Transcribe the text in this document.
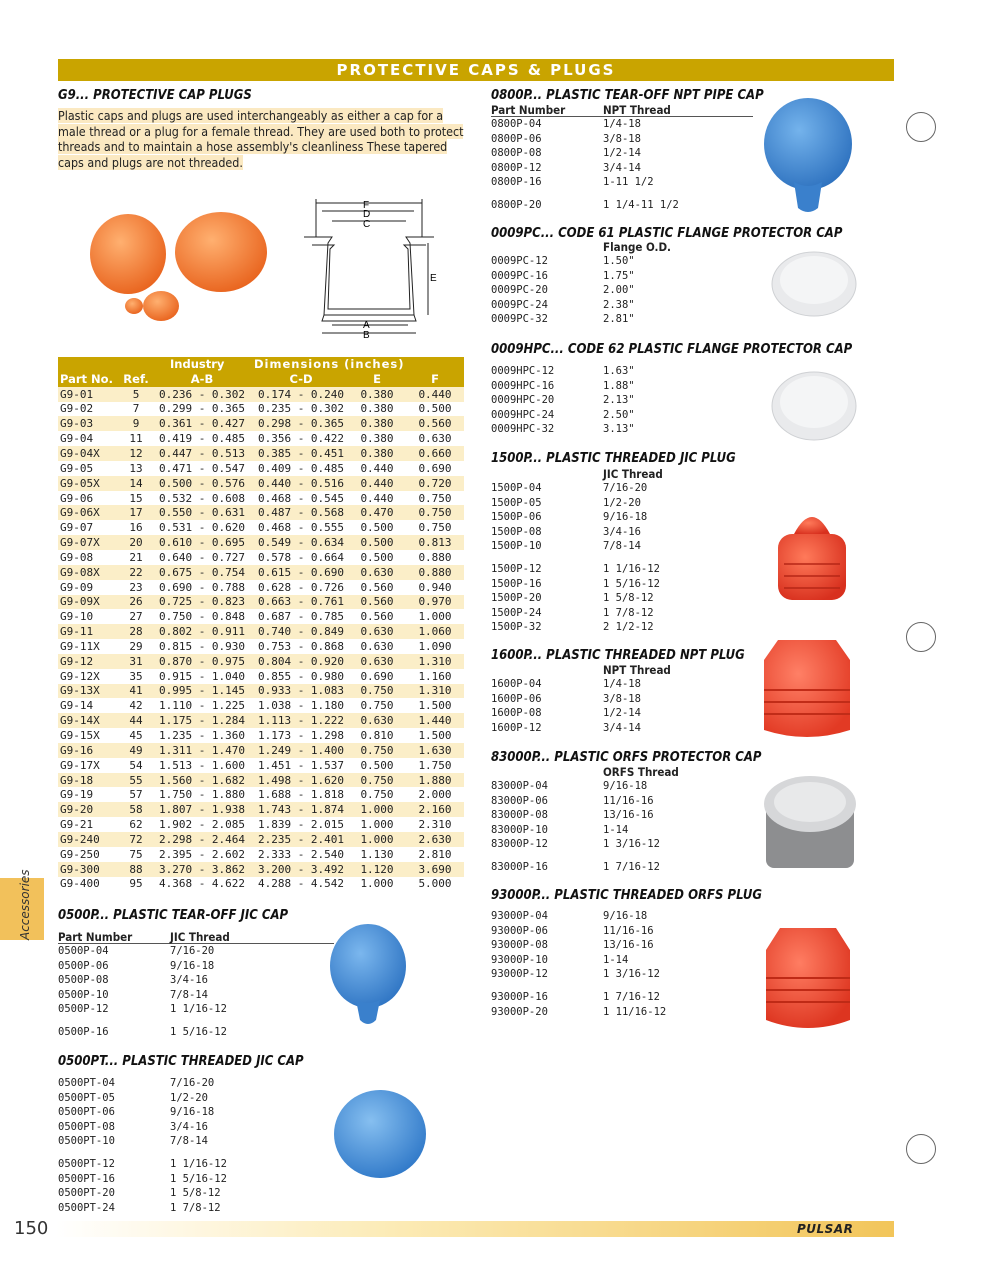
PROTECTIVE CAPS & PLUGS
G9... PROTECTIVE CAP PLUGS
Plastic caps and plugs are used interchangeably as either a cap for a male thread or a plug for a female thread. They are used both to protect threads and to maintain a hose assembly's cleanliness These tapered caps and plugs are not threaded.
F
D
C
E
A
B
	Industry		Dimensions (inches)		
Part No.	Ref.	A-B	C-D	E	F
G9-01	5	0.236 - 0.302	0.174 - 0.240	0.380	0.440
G9-02	7	0.299 - 0.365	0.235 - 0.302	0.380	0.500
G9-03	9	0.361 - 0.427	0.298 - 0.365	0.380	0.560
G9-04	11	0.419 - 0.485	0.356 - 0.422	0.380	0.630
G9-04X	12	0.447 - 0.513	0.385 - 0.451	0.380	0.660
G9-05	13	0.471 - 0.547	0.409 - 0.485	0.440	0.690
G9-05X	14	0.500 - 0.576	0.440 - 0.516	0.440	0.720
G9-06	15	0.532 - 0.608	0.468 - 0.545	0.440	0.750
G9-06X	17	0.550 - 0.631	0.487 - 0.568	0.470	0.750
G9-07	16	0.531 - 0.620	0.468 - 0.555	0.500	0.750
G9-07X	20	0.610 - 0.695	0.549 - 0.634	0.500	0.813
G9-08	21	0.640 - 0.727	0.578 - 0.664	0.500	0.880
G9-08X	22	0.675 - 0.754	0.615 - 0.690	0.630	0.880
G9-09	23	0.690 - 0.788	0.628 - 0.726	0.560	0.940
G9-09X	26	0.725 - 0.823	0.663 - 0.761	0.560	0.970
G9-10	27	0.750 - 0.848	0.687 - 0.785	0.560	1.000
G9-11	28	0.802 - 0.911	0.740 - 0.849	0.630	1.060
G9-11X	29	0.815 - 0.930	0.753 - 0.868	0.630	1.090
G9-12	31	0.870 - 0.975	0.804 - 0.920	0.630	1.310
G9-12X	35	0.915 - 1.040	0.855 - 0.980	0.690	1.160
G9-13X	41	0.995 - 1.145	0.933 - 1.083	0.750	1.310
G9-14	42	1.110 - 1.225	1.038 - 1.180	0.750	1.500
G9-14X	44	1.175 - 1.284	1.113 - 1.222	0.630	1.440
G9-15X	45	1.235 - 1.360	1.173 - 1.298	0.810	1.500
G9-16	49	1.311 - 1.470	1.249 - 1.400	0.750	1.630
G9-17X	54	1.513 - 1.600	1.451 - 1.537	0.500	1.750
G9-18	55	1.560 - 1.682	1.498 - 1.620	0.750	1.880
G9-19	57	1.750 - 1.880	1.688 - 1.818	0.750	2.000
G9-20	58	1.807 - 1.938	1.743 - 1.874	1.000	2.160
G9-21	62	1.902 - 2.085	1.839 - 2.015	1.000	2.310
G9-240	72	2.298 - 2.464	2.235 - 2.401	1.000	2.630
G9-250	75	2.395 - 2.602	2.333 - 2.540	1.130	2.810
G9-300	88	3.270 - 3.862	3.200 - 3.492	1.120	3.690
G9-400	95	4.368 - 4.622	4.288 - 4.542	1.000	5.000
Accessories 0500P... PLASTIC TEAR-OFF JIC CAP
Part Number	JIC Thread
0500P-04	7/16-20
0500P-06	9/16-18
0500P-08	3/4-16
0500P-10	7/8-14
0500P-12	1 1/16-12
0500P-16	1 5/16-12
0500PT... PLASTIC THREADED JIC CAP
0500PT-04	7/16-20
0500PT-05	1/2-20
0500PT-06	9/16-18
0500PT-08	3/4-16
0500PT-10	7/8-14
0500PT-12	1 1/16-12
0500PT-16	1 5/16-12
0500PT-20	1 5/8-12
0500PT-24	1 7/8-12
0800P... PLASTIC TEAR-OFF NPT PIPE CAP
Part Number	NPT Thread
0800P-04	1/4-18
0800P-06	3/8-18
0800P-08	1/2-14
0800P-12	3/4-14
0800P-16	1-11 1/2
0800P-20	1 1/4-11 1/2
0009PC... CODE 61 PLASTIC FLANGE PROTECTOR CAP
Flange O.D.
0009PC-12	1.50"
0009PC-16	1.75"
0009PC-20	2.00"
0009PC-24	2.38"
0009PC-32	2.81"
0009HPC... CODE 62 PLASTIC FLANGE PROTECTOR CAP
0009HPC-12	1.63"
0009HPC-16	1.88"
0009HPC-20	2.13"
0009HPC-24	2.50"
0009HPC-32	3.13"
1500P... PLASTIC THREADED JIC PLUG
JIC Thread
1500P-04	7/16-20
1500P-05	1/2-20
1500P-06	9/16-18
1500P-08	3/4-16
1500P-10	7/8-14
1500P-12	1 1/16-12
1500P-16	1 5/16-12
1500P-20	1 5/8-12
1500P-24	1 7/8-12
1500P-32	2 1/2-12
1600P... PLASTIC THREADED NPT PLUG
NPT Thread
1600P-04	1/4-18
1600P-06	3/8-18
1600P-08	1/2-14
1600P-12	3/4-14
83000P... PLASTIC ORFS PROTECTOR CAP
ORFS Thread
83000P-04	9/16-18
83000P-06	11/16-16
83000P-08	13/16-16
83000P-10	1-14
83000P-12	1 3/16-12
83000P-16	1 7/16-12
93000P... PLASTIC THREADED ORFS PLUG
93000P-04	9/16-18
93000P-06	11/16-16
93000P-08	13/16-16
93000P-10	1-14
93000P-12	1 3/16-12
93000P-16	1 7/16-12
93000P-20	1 11/16-12
150	PULSAR
